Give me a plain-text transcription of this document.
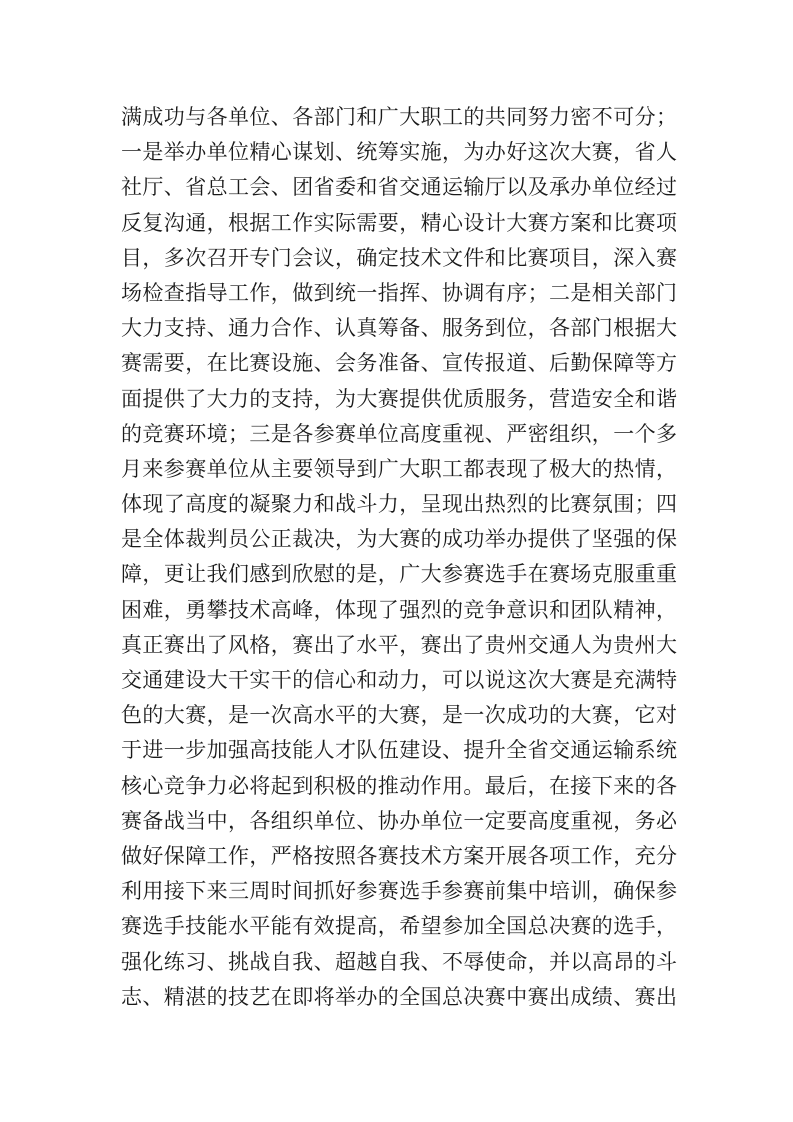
满成功与各单位、各部门和广大职工的共同努力密不可分；
一是举办单位精心谋划、统筹实施，为办好这次大赛，省人
社厅、省总工会、团省委和省交通运输厅以及承办单位经过
反复沟通，根据工作实际需要，精心设计大赛方案和比赛项
目，多次召开专门会议，确定技术文件和比赛项目，深入赛
场检查指导工作，做到统一指挥、协调有序；二是相关部门
大力支持、通力合作、认真筹备、服务到位，各部门根据大
赛需要，在比赛设施、会务准备、宣传报道、后勤保障等方
面提供了大力的支持，为大赛提供优质服务，营造安全和谐
的竞赛环境；三是各参赛单位高度重视、严密组织，一个多
月来参赛单位从主要领导到广大职工都表现了极大的热情，
体现了高度的凝聚力和战斗力，呈现出热烈的比赛氛围；四
是全体裁判员公正裁决，为大赛的成功举办提供了坚强的保
障，更让我们感到欣慰的是，广大参赛选手在赛场克服重重
困难，勇攀技术高峰，体现了强烈的竞争意识和团队精神，
真正赛出了风格，赛出了水平，赛出了贵州交通人为贵州大
交通建设大干实干的信心和动力，可以说这次大赛是充满特
色的大赛，是一次高水平的大赛，是一次成功的大赛，它对
于进一步加强高技能人才队伍建设、提升全省交通运输系统
核心竞争力必将起到积极的推动作用。最后，在接下来的各
赛备战当中，各组织单位、协办单位一定要高度重视，务必
做好保障工作，严格按照各赛技术方案开展各项工作，充分
利用接下来三周时间抓好参赛选手参赛前集中培训，确保参
赛选手技能水平能有效提高，希望参加全国总决赛的选手，
强化练习、挑战自我、超越自我、不辱使命，并以高昂的斗
志、精湛的技艺在即将举办的全国总决赛中赛出成绩、赛出
